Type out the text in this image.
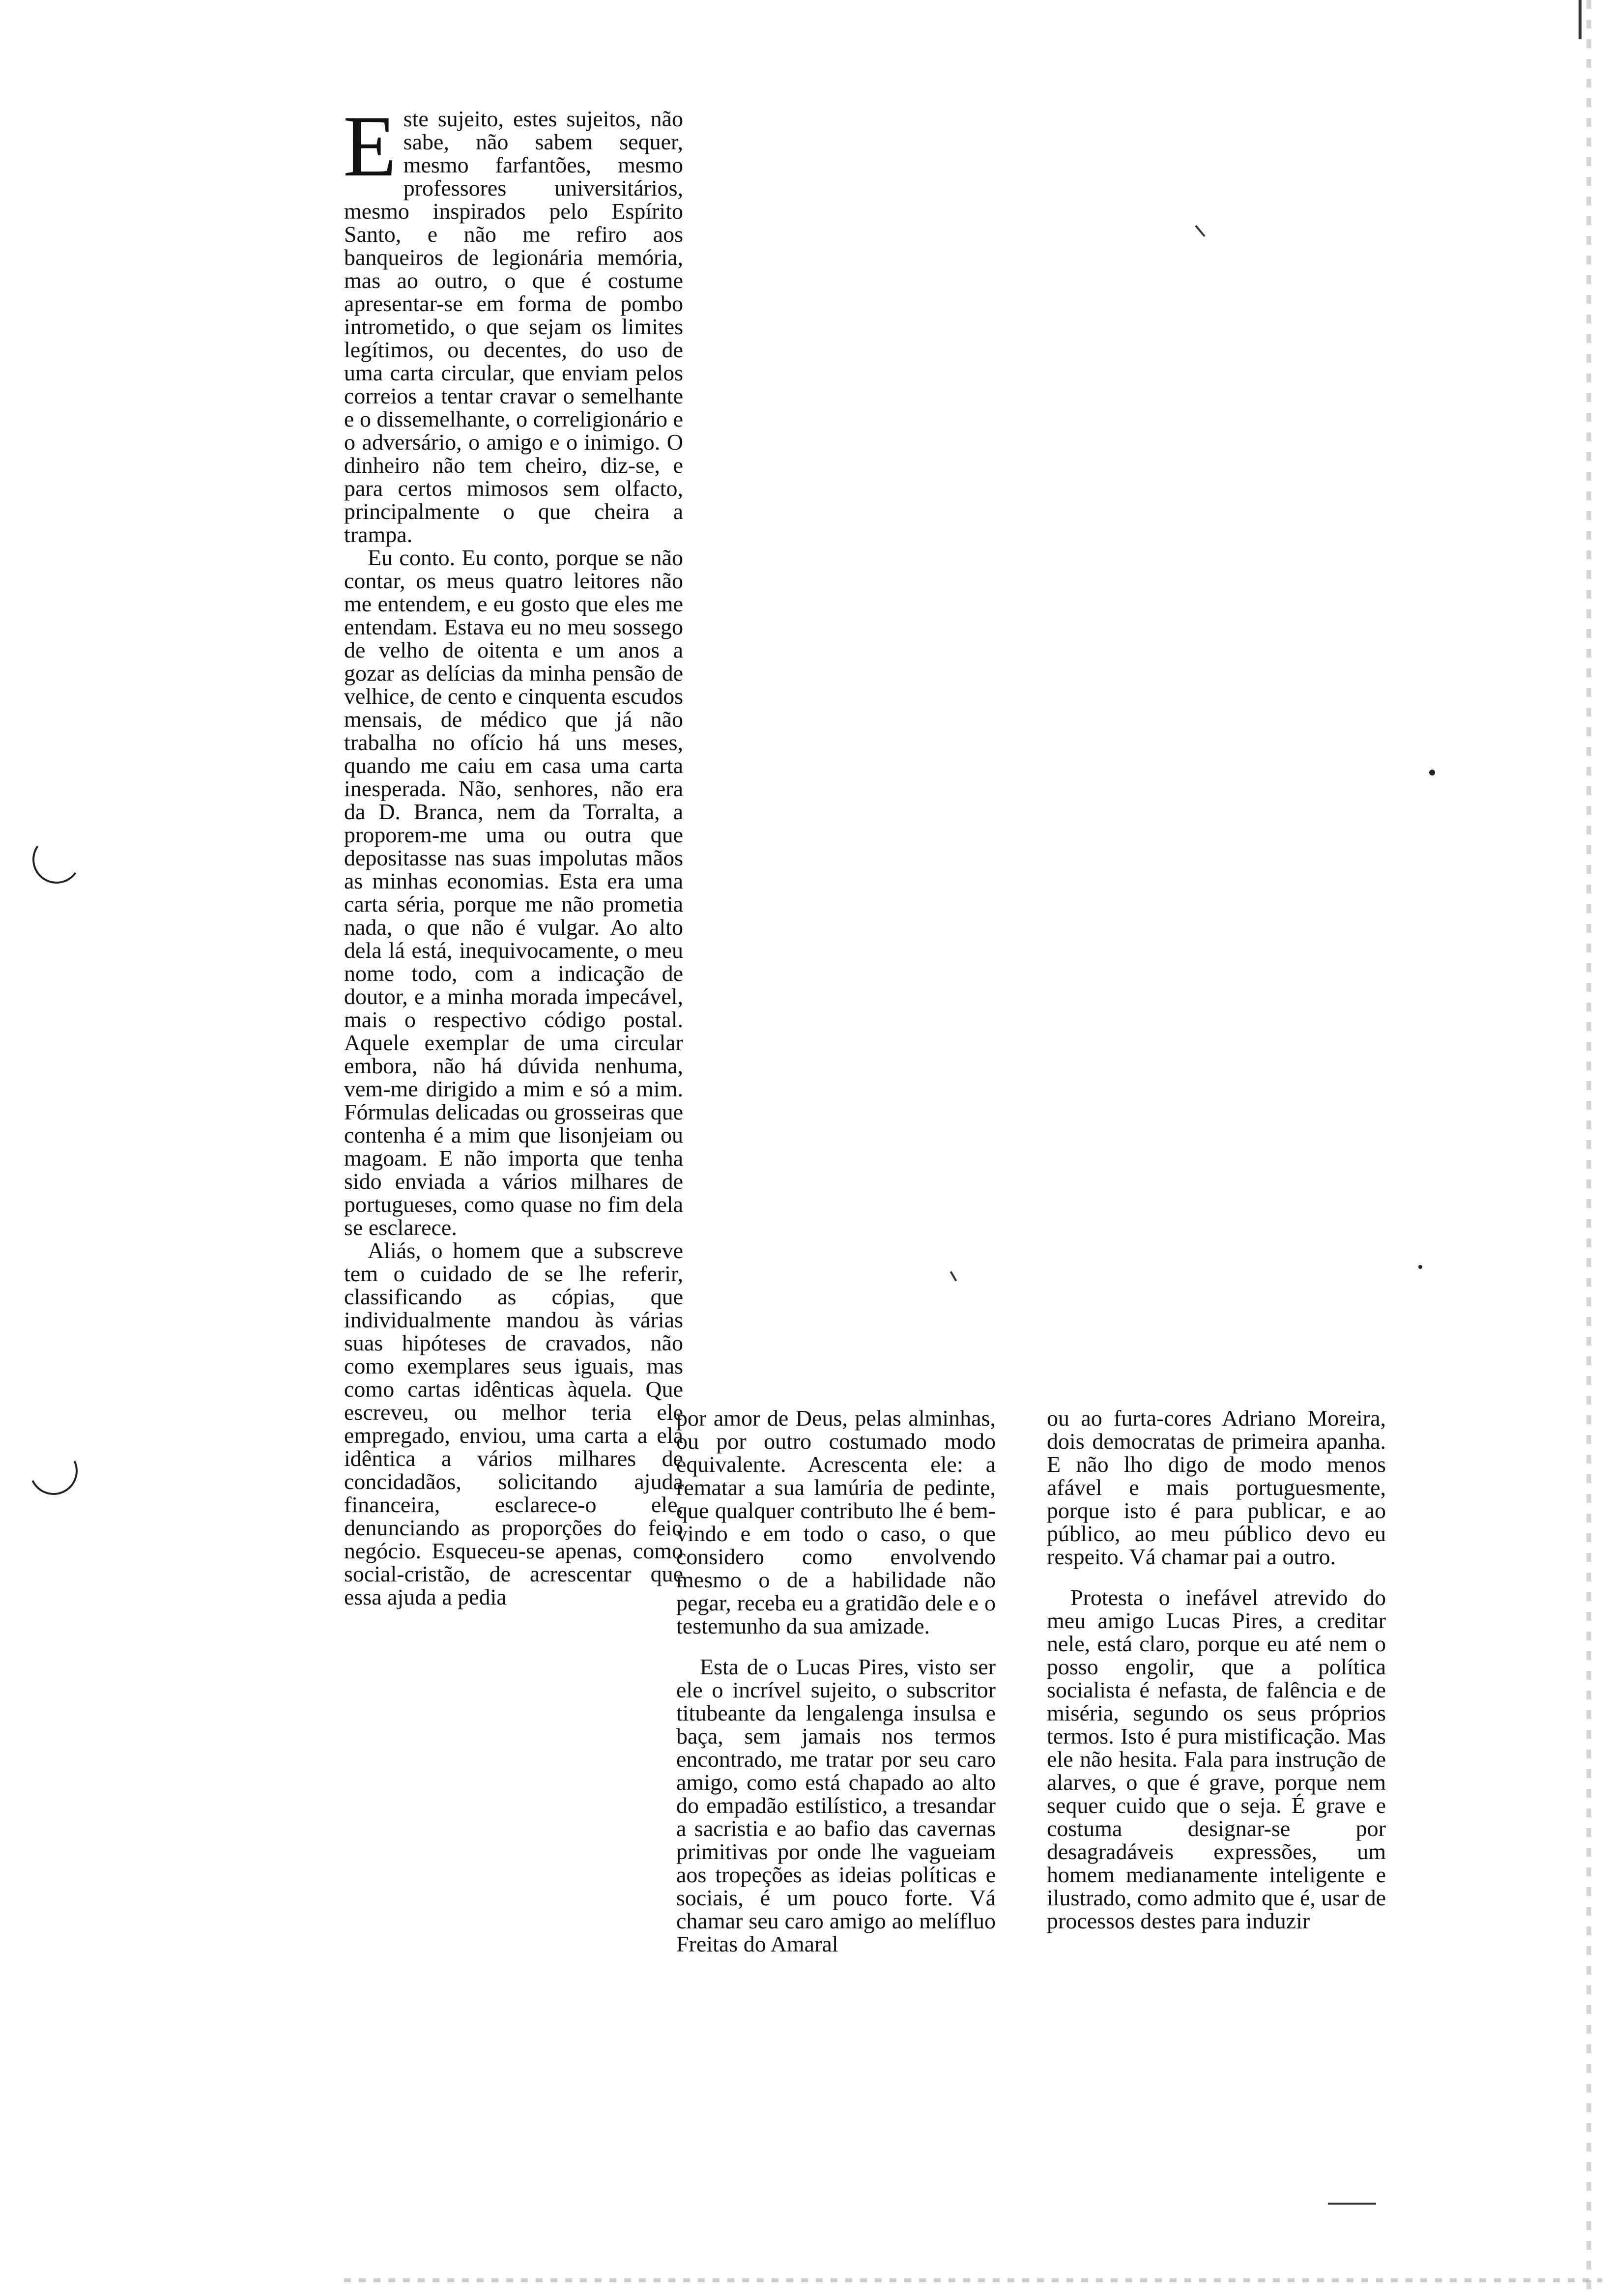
Este sujeito, estes sujeitos, não sabe, não sabem sequer, mesmo farfantões, mesmo professores universitários, mesmo inspirados pelo Espírito Santo, e não me refiro aos banqueiros de legionária memória, mas ao outro, o que é costume apresentar-se em forma de pombo intrometido, o que sejam os limites legítimos, ou decentes, do uso de uma carta circular, que enviam pelos correios a tentar cravar o semelhante e o dissemelhante, o correligionário e o adversário, o amigo e o inimigo. O dinheiro não tem cheiro, diz-se, e para certos mimosos sem olfacto, principalmente o que cheira a trampa.

Eu conto. Eu conto, porque se não contar, os meus quatro leitores não me entendem, e eu gosto que eles me entendam. Estava eu no meu sossego de velho de oitenta e um anos a gozar as delícias da minha pensão de velhice, de cento e cinquenta escudos mensais, de médico que já não trabalha no ofício há uns meses, quando me caiu em casa uma carta inesperada. Não, senhores, não era da D. Branca, nem da Torralta, a proporem-me uma ou outra que depositasse nas suas impolutas mãos as minhas economias. Esta era uma carta séria, porque me não prometia nada, o que não é vulgar. Ao alto dela lá está, inequivocamente, o meu nome todo, com a indicação de doutor, e a minha morada impecável, mais o respectivo código postal. Aquele exemplar de uma circular embora, não há dúvida nenhuma, vem-me dirigido a mim e só a mim. Fórmulas delicadas ou grosseiras que contenha é a mim que lisonjeiam ou magoam. E não importa que tenha sido enviada a vários milhares de portugueses, como quase no fim dela se esclarece.

Aliás, o homem que a subscreve tem o cuidado de se lhe referir, classificando as cópias, que individualmente mandou às várias suas hipóteses de cravados, não como exemplares seus iguais, mas como cartas idênticas àquela. Que escreveu, ou melhor teria ele empregado, enviou, uma carta a ela idêntica a vários milhares de concidadãos, solicitando ajuda financeira, esclarece-o ele, denunciando as proporções do feio negócio. Esqueceu-se apenas, como social-cristão, de acrescentar que essa ajuda a pedia

por amor de Deus, pelas alminhas, ou por outro costumado modo equivalente. Acrescenta ele: a rematar a sua lamúria de pedinte, que qualquer contributo lhe é bem-vindo e em todo o caso, o que considero como envolvendo mesmo o de a habilidade não pegar, receba eu a gratidão dele e o testemunho da sua amizade.

Esta de o Lucas Pires, visto ser ele o incrível sujeito, o subscritor titubeante da lengalenga insulsa e baça, sem jamais nos termos encontrado, me tratar por seu caro amigo, como está chapado ao alto do empadão estilístico, a tresandar a sacristia e ao bafio das cavernas primitivas por onde lhe vagueiam aos tropeções as ideias políticas e sociais, é um pouco forte. Vá chamar seu caro amigo ao melífluo Freitas do Amaral

ou ao furta-cores Adriano Moreira, dois democratas de primeira apanha. E não lho digo de modo menos afável e mais portuguesmente, porque isto é para publicar, e ao público, ao meu público devo eu respeito. Vá chamar pai a outro.

Protesta o inefável atrevido do meu amigo Lucas Pires, a creditar nele, está claro, porque eu até nem o posso engolir, que a política socialista é nefasta, de falência e de miséria, segundo os seus próprios termos. Isto é pura mistificação. Mas ele não hesita. Fala para instrução de alarves, o que é grave, porque nem sequer cuido que o seja. É grave e costuma designar-se por desagradáveis expressões, um homem medianamente inteligente e ilustrado, como admito que é, usar de processos destes para induzir
